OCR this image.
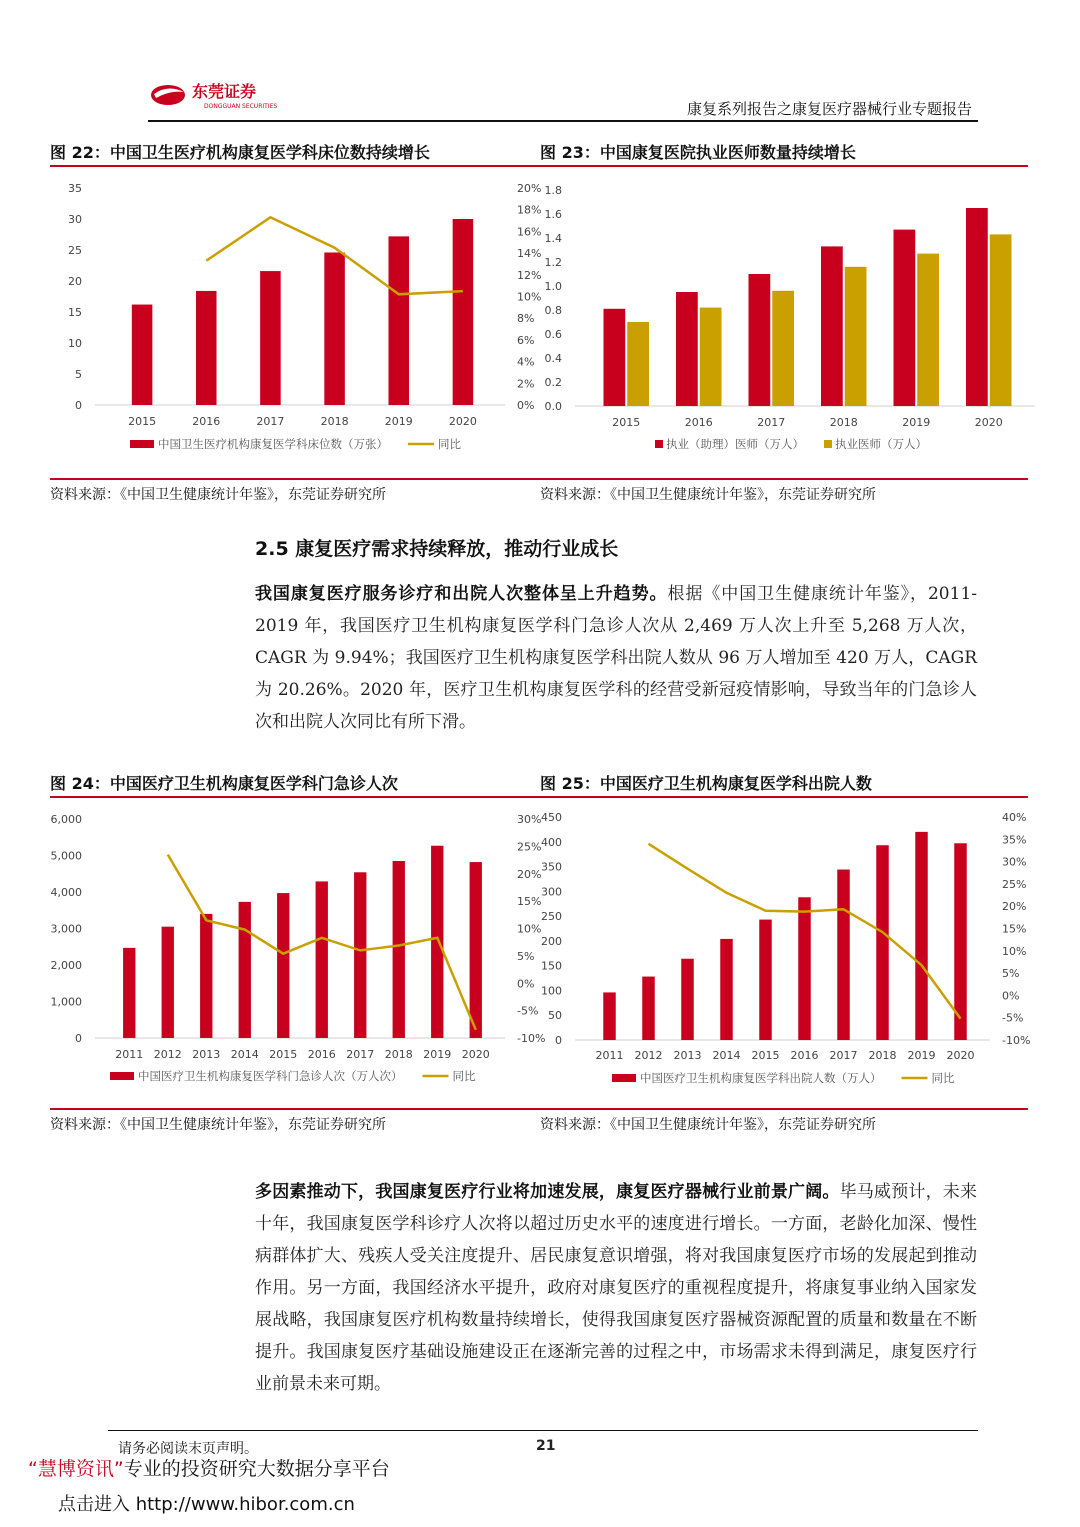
东莞证券
DONGGUAN SECURITIES	康复系列报告之康复医疗器械行业专题报告
图 22：中国卫生医疗机构康复医学科床位数持续增长	图 23：中国康复医院执业医师数量持续增长
0
5
10
15
20
25
30
35
0%
2%
4%
6%
8%
10%
12%
14%
16%
18%
20%
2015	2016	2017	2018	2019	2020
中国卫生医疗机构康复医学科床位数（万张）	同比
0.0
0.2
0.4
0.6
0.8
1.0
1.2
1.4
1.6
1.8
2015	2016	2017	2018	2019	2020
执业（助理）医师（万人）	执业医师（万人）
资料来源：《中国卫生健康统计年鉴》，东莞证券研究所	资料来源：《中国卫生健康统计年鉴》，东莞证券研究所
2.5 康复医疗需求持续释放，推动行业成长
我国康复医疗服务诊疗和出院人次整体呈上升趋势。根据《中国卫生健康统计年鉴》，2011-2019 年，我国医疗卫生机构康复医学科门急诊人次从 2,469 万人次上升至 5,268 万人次，CAGR 为 9.94%；我国医疗卫生机构康复医学科出院人数从 96 万人增加至 420 万人，CAGR 为 20.26%。2020 年，医疗卫生机构康复医学科的经营受新冠疫情影响，导致当年的门急诊人次和出院人次同比有所下滑。
图 24：中国医疗卫生机构康复医学科门急诊人次	图 25：中国医疗卫生机构康复医学科出院人数
0
1,000
2,000
3,000
4,000
5,000
6,000
-10%
-5%
0%
5%
10%
15%
20%
25%
30%
2011 2012 2013 2014 2015 2016 2017 2018 2019 2020
中国医疗卫生机构康复医学科门急诊人次（万人次）	同比
0
50
100
150
200
250
300
350
400
450
-10%
-5%
0%
5%
10%
15%
20%
25%
30%
35%
40%
2011 2012 2013 2014 2015 2016 2017 2018 2019 2020
中国医疗卫生机构康复医学科出院人数（万人）	同比
资料来源：《中国卫生健康统计年鉴》，东莞证券研究所	资料来源：《中国卫生健康统计年鉴》，东莞证券研究所
多因素推动下，我国康复医疗行业将加速发展，康复医疗器械行业前景广阔。毕马威预计，未来十年，我国康复医学科诊疗人次将以超过历史水平的速度进行增长。一方面，老龄化加深、慢性病群体扩大、残疾人受关注度提升、居民康复意识增强，将对我国康复医疗市场的发展起到推动作用。另一方面，我国经济水平提升，政府对康复医疗的重视程度提升，将康复事业纳入国家发展战略，我国康复医疗机构数量持续增长，使得我国康复医疗器械资源配置的质量和数量在不断提升。我国康复医疗基础设施建设正在逐渐完善的过程之中，市场需求未得到满足，康复医疗行业前景未来可期。
请务必阅读末页声明。	21
“慧博资讯”专业的投资研究大数据分享平台
点击进入 http://www.hibor.com.cn
